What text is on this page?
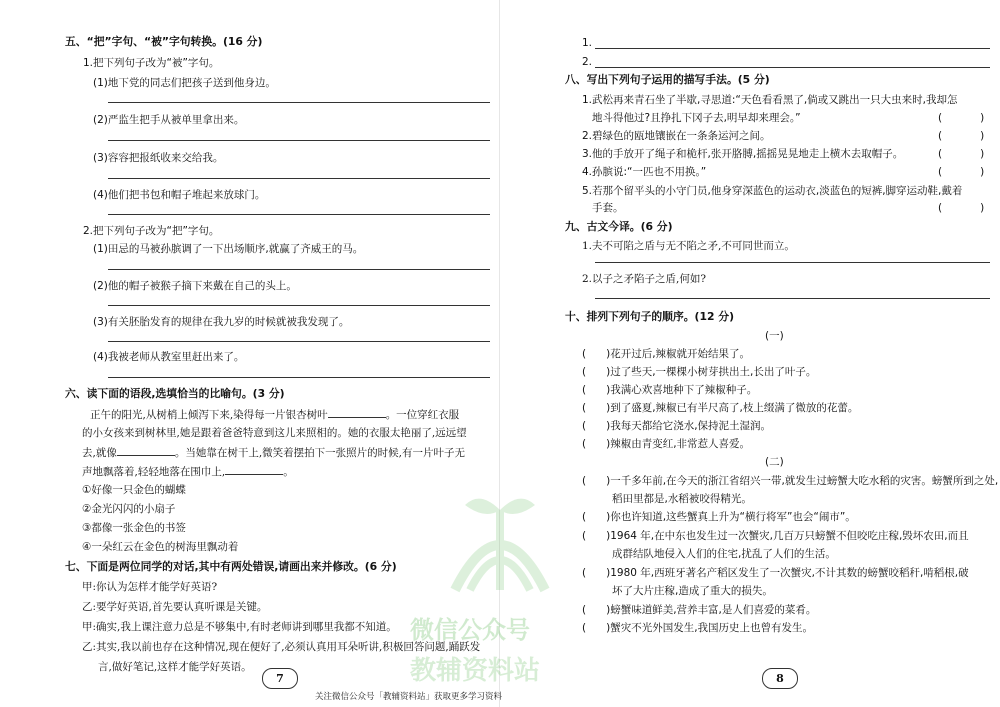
五、“把”字句、“被”字句转换。(16 分)
1.把下列句子改为“被”字句。
(1)地下党的同志们把孩子送到他身边。
(2)严监生把手从被单里拿出来。
(3)容容把报纸收来交给我。
(4)他们把书包和帽子堆起来放球门。
2.把下列句子改为“把”字句。
(1)田忌的马被孙膑调了一下出场顺序,就赢了齐威王的马。
(2)他的帽子被猴子摘下来戴在自己的头上。
(3)有关胚胎发育的规律在我九岁的时候就被我发现了。
(4)我被老师从教室里赶出来了。
六、读下面的语段,选填恰当的比喻句。(3 分)
正午的阳光,从树梢上倾泻下来,染得每一片银杏树叶	。一位穿红衣服
的小女孩来到树林里,她是跟着爸爸特意到这儿来照相的。她的衣服太艳丽了,远远望
去,就像	。当她靠在树干上,微笑着摆拍下一张照片的时候,有一片叶子无
声地飘落着,轻轻地落在围巾上,	。
①好像一只金色的蝴蝶
②金光闪闪的小扇子
③都像一张金色的书签
④一朵红云在金色的树海里飘动着
七、下面是两位同学的对话,其中有两处错误,请画出来并修改。(6 分)
甲:你认为怎样才能学好英语?
乙:要学好英语,首先要认真听课是关键。
甲:确实,我上课注意力总是不够集中,有时老师讲到哪里我都不知道。
乙:其实,我以前也存在这种情况,现在便好了,必须认真用耳朵听讲,积极回答问题,踊跃发
言,做好笔记,这样才能学好英语。
7
1.
2.
八、写出下列句子运用的描写手法。(5 分)
1.武松再来青石坐了半歇,寻思道:“天色看看黑了,倘或又跳出一只大虫来时,我却怎
地斗得他过?且挣扎下冈子去,明早却来理会。”	(	)
2.碧绿色的瓯地镶嵌在一条条运河之间。	(	)
3.他的手放开了绳子和桅杆,张开胳膊,摇摇晃晃地走上横木去取帽子。	(	)
4.孙膑说:“一匹也不用换。”	(	)
5.若那个留平头的小守门员,他身穿深蓝色的运动衣,淡蓝色的短裤,脚穿运动鞋,戴着
手套。	(	)
九、古文今译。(6 分)
1.夫不可陷之盾与无不陷之矛,不可同世而立。
2.以子之矛陷子之盾,何如?
十、排列下列句子的顺序。(12 分)
(一)
( )花开过后,辣椒就开始结果了。
( )过了些天,一棵棵小树芽拱出土,长出了叶子。
( )我满心欢喜地种下了辣椒种子。
( )到了盛夏,辣椒已有半尺高了,枝上缀满了微放的花蕾。
( )我每天都给它浇水,保持泥土湿润。
( )辣椒由青变红,非常惹人喜爱。
(二)
( )一千多年前,在今天的浙江省绍兴一带,就发生过螃蟹大吃水稻的灾害。螃蟹所到之处,
稻田里都是,水稻被咬得精光。
( )你也许知道,这些蟹真上升为“横行将军”也会“闹市”。
( )1964 年,在中东也发生过一次蟹灾,几百万只螃蟹不但咬吃庄稼,毁坏农田,而且
成群结队地侵入人们的住宅,扰乱了人们的生活。
( )1980 年,西班牙著名产稻区发生了一次蟹灾,不计其数的螃蟹咬稻秆,啃稻根,破
坏了大片庄稼,造成了重大的损失。
( )螃蟹味道鲜美,营养丰富,是人们喜爱的菜肴。
( )蟹灾不光外国发生,我国历史上也曾有发生。
8
微信公众号
教辅资料站
关注微信公众号「教辅资料站」获取更多学习资料
